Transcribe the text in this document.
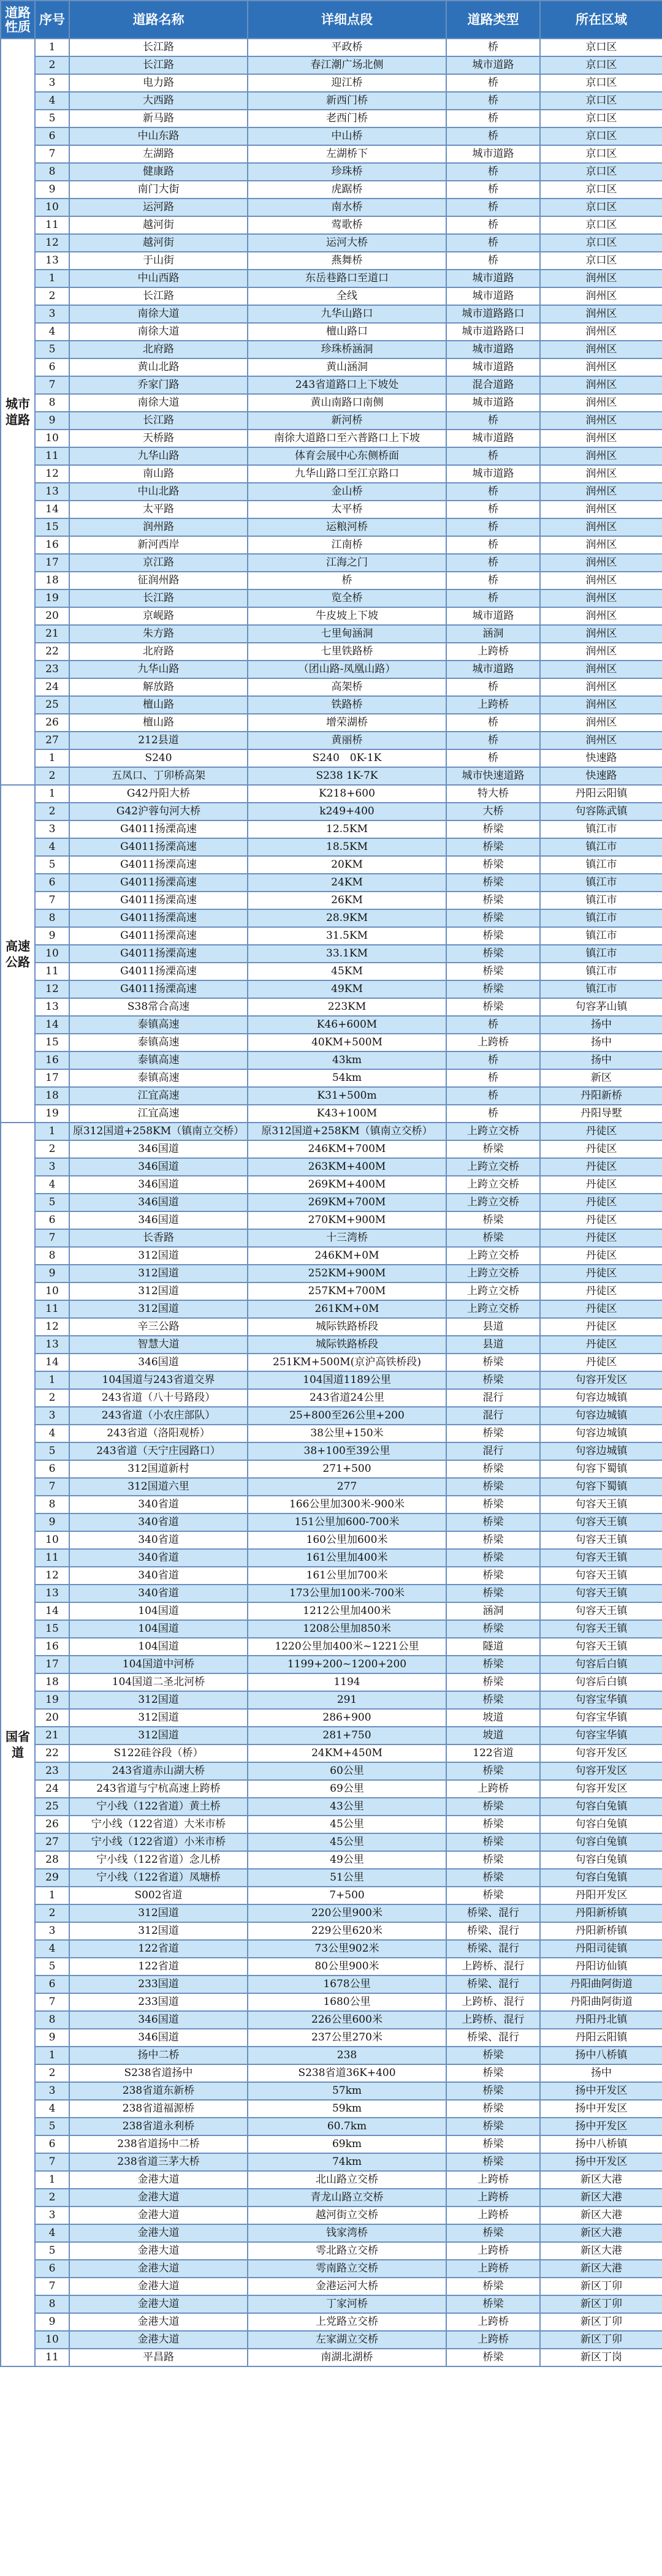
道路性质	序号	道路名称	详细点段	道路类型	所在区域
城市道路	1	长江路	平政桥	桥	京口区
	2	长江路	春江潮广场北侧	城市道路	京口区
	3	电力路	迎江桥	桥	京口区
	4	大西路	新西门桥	桥	京口区
	5	新马路	老西门桥	桥	京口区
	6	中山东路	中山桥	桥	京口区
	7	左湖路	左湖桥下	城市道路	京口区
	8	健康路	珍珠桥	桥	京口区
	9	南门大街	虎踞桥	桥	京口区
	10	运河路	南水桥	桥	京口区
	11	越河街	莺歌桥	桥	京口区
	12	越河街	运河大桥	桥	京口区
	13	于山街	燕舞桥	桥	京口区
	1	中山西路	东岳巷路口至道口	城市道路	润州区
	2	长江路	全线	城市道路	润州区
	3	南徐大道	九华山路口	城市道路路口	润州区
	4	南徐大道	檀山路口	城市道路路口	润州区
	5	北府路	珍珠桥涵洞	城市道路	润州区
	6	黄山北路	黄山涵洞	城市道路	润州区
	7	乔家门路	243省道路口上下坡处	混合道路	润州区
	8	南徐大道	黄山南路口南侧	城市道路	润州区
	9	长江路	新河桥	桥	润州区
	10	天桥路	南徐大道路口至六普路口上下坡	城市道路	润州区
	11	九华山路	体育会展中心东侧桥面	桥	润州区
	12	南山路	九华山路口至江京路口	城市道路	润州区
	13	中山北路	金山桥	桥	润州区
	14	太平路	太平桥	桥	润州区
	15	润州路	运粮河桥	桥	润州区
	16	新河西岸	江南桥	桥	润州区
	17	京江路	江海之门	桥	润州区
	18	征润州路	桥	桥	润州区
	19	长江路	览全桥	桥	润州区
	20	京岘路	牛皮坡上下坡	城市道路	润州区
	21	朱方路	七里甸涵洞	涵洞	润州区
	22	北府路	七里铁路桥	上跨桥	润州区
	23	九华山路	（团山路-凤凰山路）	城市道路	润州区
	24	解放路	高架桥	桥	润州区
	25	檀山路	铁路桥	上跨桥	润州区
	26	檀山路	增荣湖桥	桥	润州区
	27	212县道	黄丽桥	桥	润州区
	1	S240	S240　0K-1K	桥	快速路
	2	五凤口、丁卯桥高架	S238 1K-7K	城市快速道路	快速路
高速公路	1	G42丹阳大桥	K218+600	特大桥	丹阳云阳镇
	2	G42沪蓉句河大桥	k249+400	大桥	句容陈武镇
	3	G4011扬溧高速	12.5KM	桥梁	镇江市
	4	G4011扬溧高速	18.5KM	桥梁	镇江市
	5	G4011扬溧高速	20KM	桥梁	镇江市
	6	G4011扬溧高速	24KM	桥梁	镇江市
	7	G4011扬溧高速	26KM	桥梁	镇江市
	8	G4011扬溧高速	28.9KM	桥梁	镇江市
	9	G4011扬溧高速	31.5KM	桥梁	镇江市
	10	G4011扬溧高速	33.1KM	桥梁	镇江市
	11	G4011扬溧高速	45KM	桥梁	镇江市
	12	G4011扬溧高速	49KM	桥梁	镇江市
	13	S38常合高速	223KM	桥梁	句容茅山镇
	14	泰镇高速	K46+600M	桥	扬中
	15	泰镇高速	40KM+500M	上跨桥	扬中
	16	泰镇高速	43km	桥	扬中
	17	泰镇高速	54km	桥	新区
	18	江宜高速	K31+500m	桥	丹阳新桥
	19	江宜高速	K43+100M	桥	丹阳导墅
国省道	1	原312国道+258KM（镇南立交桥）	原312国道+258KM（镇南立交桥）	上跨立交桥	丹徒区
	2	346国道	246KM+700M	桥梁	丹徒区
	3	346国道	263KM+400M	上跨立交桥	丹徒区
	4	346国道	269KM+400M	上跨立交桥	丹徒区
	5	346国道	269KM+700M	上跨立交桥	丹徒区
	6	346国道	270KM+900M	桥梁	丹徒区
	7	长香路	十三湾桥	桥梁	丹徒区
	8	312国道	246KM+0M	上跨立交桥	丹徒区
	9	312国道	252KM+900M	上跨立交桥	丹徒区
	10	312国道	257KM+700M	上跨立交桥	丹徒区
	11	312国道	261KM+0M	上跨立交桥	丹徒区
	12	辛三公路	城际铁路桥段	县道	丹徒区
	13	智慧大道	城际铁路桥段	县道	丹徒区
	14	346国道	251KM+500M(京沪高铁桥段)	桥梁	丹徒区
	1	104国道与243省道交界	104国道1189公里	桥梁	句容开发区
	2	243省道（八十号路段）	243省道24公里	混行	句容边城镇
	3	243省道（小农庄部队）	25+800至26公里+200	混行	句容边城镇
	4	243省道（洛阳观桥）	38公里+150米	桥梁	句容边城镇
	5	243省道（天宁庄园路口）	38+100至39公里	混行	句容边城镇
	6	312国道新村	271+500	桥梁	句容下蜀镇
	7	312国道六里	277	桥梁	句容下蜀镇
	8	340省道	166公里加300米-900米	桥梁	句容天王镇
	9	340省道	151公里加600-700米	桥梁	句容天王镇
	10	340省道	160公里加600米	桥梁	句容天王镇
	11	340省道	161公里加400米	桥梁	句容天王镇
	12	340省道	161公里加700米	桥梁	句容天王镇
	13	340省道	173公里加100米-700米	桥梁	句容天王镇
	14	104国道	1212公里加400米	涵洞	句容天王镇
	15	104国道	1208公里加850米	桥梁	句容天王镇
	16	104国道	1220公里加400米~1221公里	隧道	句容天王镇
	17	104国道中河桥	1199+200~1200+200	桥梁	句容后白镇
	18	104国道二圣北河桥	1194	桥梁	句容后白镇
	19	312国道	291	桥梁	句容宝华镇
	20	312国道	286+900	坡道	句容宝华镇
	21	312国道	281+750	坡道	句容宝华镇
	22	S122硅谷段（桥）	24KM+450M	122省道	句容开发区
	23	243省道赤山湖大桥	60公里	桥梁	句容开发区
	24	243省道与宁杭高速上跨桥	69公里	上跨桥	句容开发区
	25	宁小线（122省道）黄土桥	43公里	桥梁	句容白兔镇
	26	宁小线（122省道）大米市桥	45公里	桥梁	句容白兔镇
	27	宁小线（122省道）小米市桥	45公里	桥梁	句容白兔镇
	28	宁小线（122省道）念儿桥	49公里	桥梁	句容白兔镇
	29	宁小线（122省道）凤塘桥	51公里	桥梁	句容白兔镇
	1	S002省道	7+500	桥梁	丹阳开发区
	2	312国道	220公里900米	桥梁、混行	丹阳新桥镇
	3	312国道	229公里620米	桥梁、混行	丹阳新桥镇
	4	122省道	73公里902米	桥梁、混行	丹阳司徒镇
	5	122省道	80公里900米	上跨桥、混行	丹阳访仙镇
	6	233国道	1678公里	桥梁、混行	丹阳曲阿街道
	7	233国道	1680公里	上跨桥、混行	丹阳曲阿街道
	8	346国道	226公里600米	上跨桥、混行	丹阳丹北镇
	9	346国道	237公里270米	桥梁、混行	丹阳云阳镇
	1	扬中二桥	238	桥梁	扬中八桥镇
	2	S238省道扬中	S238省道36K+400	桥梁	扬中
	3	238省道东新桥	57km	桥梁	扬中开发区
	4	238省道福源桥	59km	桥梁	扬中开发区
	5	238省道永利桥	60.7km	桥梁	扬中开发区
	6	238省道扬中二桥	69km	桥梁	扬中八桥镇
	7	238省道三茅大桥	74km	桥梁	扬中开发区
	1	金港大道	北山路立交桥	上跨桥	新区大港
	2	金港大道	青龙山路立交桥	上跨桥	新区大港
	3	金港大道	越河街立交桥	上跨桥	新区大港
	4	金港大道	钱家湾桥	桥梁	新区大港
	5	金港大道	雩北路立交桥	上跨桥	新区大港
	6	金港大道	雩南路立交桥	上跨桥	新区大港
	7	金港大道	金港运河大桥	桥梁	新区丁卯
	8	金港大道	丁家河桥	桥梁	新区丁卯
	9	金港大道	上党路立交桥	上跨桥	新区丁卯
	10	金港大道	左家湖立交桥	上跨桥	新区丁卯
	11	平昌路	南湖北湖桥	桥梁	新区丁岗
